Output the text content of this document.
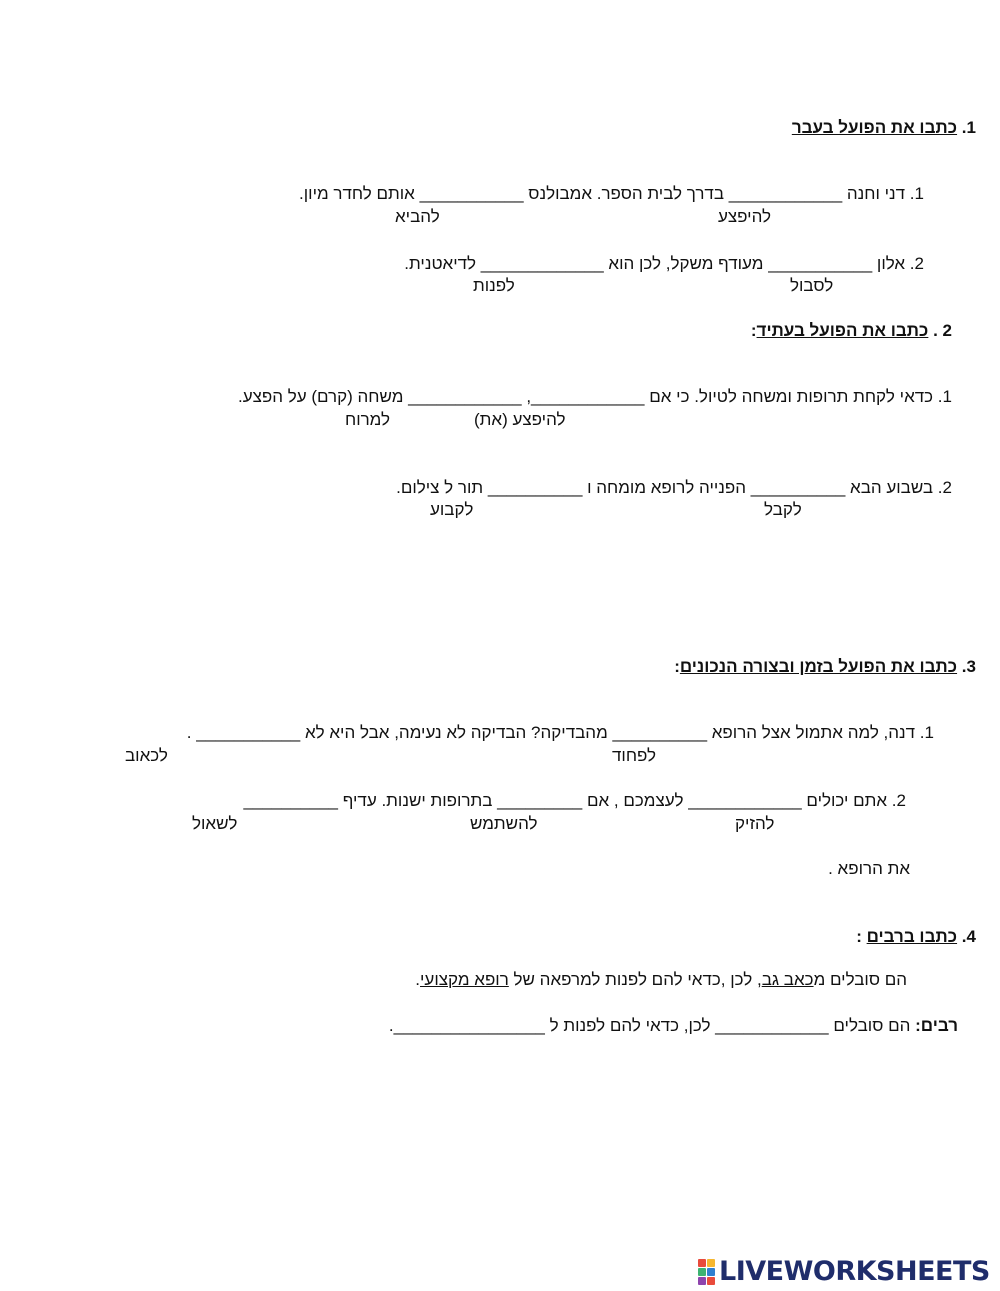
1. כתבו את הפועל בעבר
1. דני וחנה ____________ בדרך לבית הספר. אמבולנס ___________ אותם לחדר מיון.
להיפצע
להביא
2. אלון ___________ מעודף משקל, לכן הוא _____________ לדיאטנית.
לסבול
לפנות
2 . כתבו את הפועל בעתיד:
1. כדאי לקחת תרופות ומשחה לטיול. כי אם ____________, ____________ משחה (קרם) על הפצע.
להיפצע (את)
למרוח
2. בשבוע הבא __________ הפנייה לרופא מומחה ו __________ תור ל צילום.
לקבל
לקבוע
3. כתבו את הפועל בזמן ובצורה הנכונים:
1. דנה, למה אתמול אצל הרופא __________ מהבדיקה? הבדיקה לא נעימה, אבל היא לא ___________ .
לפחוד
לכאוב
2. אתם יכולים ____________ לעצמכם , אם _________ בתרופות ישנות. עדיף __________
להזיק
להשתמש
לשאול
את הרופא .
4. כתבו ברבים :
הם סובלים מכאב גב, לכן ,כדאי להם לפנות למרפאה של רופא מקצועי.
רבים: הם סובלים ____________ לכן, כדאי להם לפנות ל ________________.
LIVEWORKSHEETS
